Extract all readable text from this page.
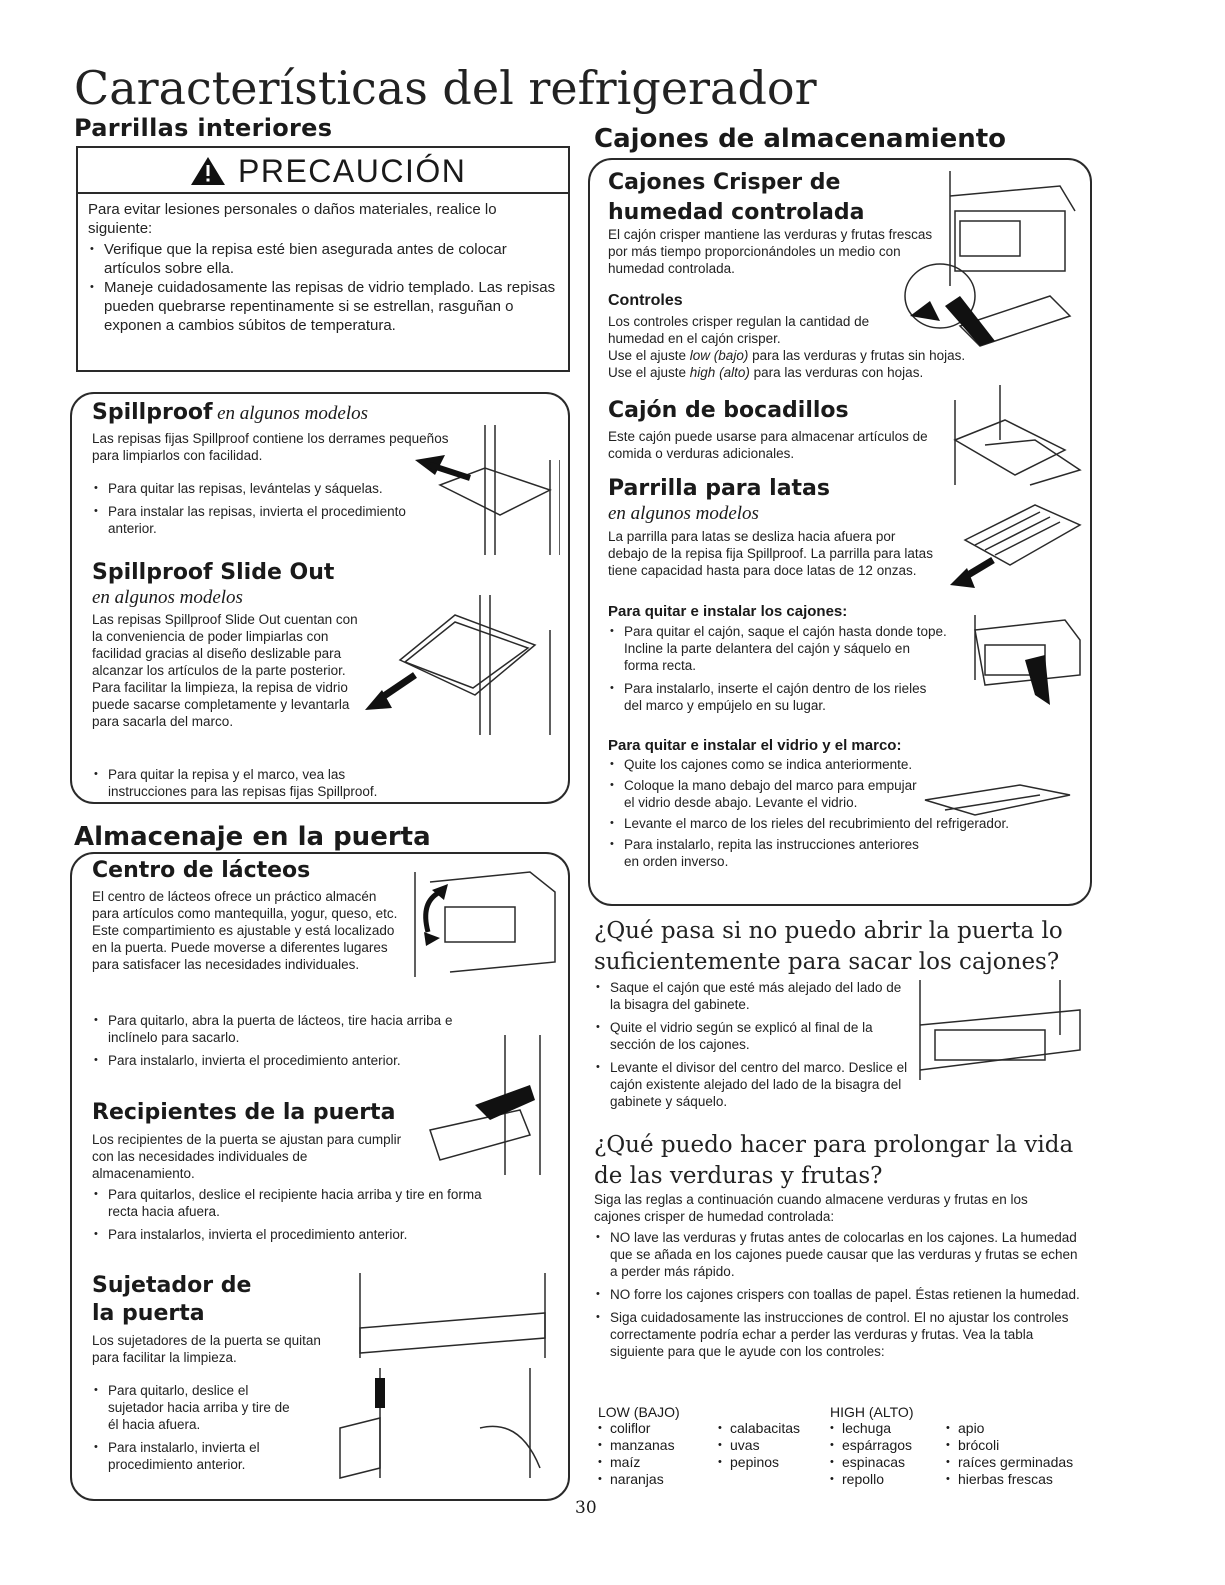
Características del refrigerador
Parrillas interiores
PRECAUCIÓN

Para evitar lesiones personales o daños materiales, realice lo siguiente:

• Verifique que la repisa esté bien asegurada antes de colocar artículos sobre ella.
• Maneje cuidadosamente las repisas de vidrio templado. Las repisas pueden quebrarse repentinamente si se estrellan, rasguñan o exponen a cambios súbitos de temperatura.
Spillproof en algunos modelos
Las repisas fijas Spillproof contiene los derrames pequeños para limpiarlos con facilidad.
• Para quitar las repisas, levántelas y sáquelas.
• Para instalar las repisas, invierta el procedimiento anterior.
Spillproof Slide Out
en algunos modelos
Las repisas Spillproof Slide Out cuentan con la conveniencia de poder limpiarlas con facilidad gracias al diseño deslizable para alcanzar los artículos de la parte posterior. Para facilitar la limpieza, la repisa de vidrio puede sacarse completamente y levantarla para sacarla del marco.
• Para quitar la repisa y el marco, vea las instrucciones para las repisas fijas Spillproof.
Almacenaje en la puerta
Centro de lácteos
El centro de lácteos ofrece un práctico almacén para artículos como mantequilla, yogur, queso, etc. Este compartimiento es ajustable y está localizado en la puerta. Puede moverse a diferentes lugares para satisfacer las necesidades individuales.
• Para quitarlo, abra la puerta de lácteos, tire hacia arriba e inclínelo para sacarlo.
• Para instalarlo, invierta el procedimiento anterior.
Recipientes de la puerta
Los recipientes de la puerta se ajustan para cumplir con las necesidades individuales de almacenamiento.
• Para quitarlos, deslice el recipiente hacia arriba y tire en forma recta hacia afuera.
• Para instalarlos, invierta el procedimiento anterior.
Sujetador de
la puerta
Los sujetadores de la puerta se quitan para facilitar la limpieza.
• Para quitarlo, deslice el sujetador hacia arriba y tire de él hacia afuera.
• Para instalarlo, invierta el procedimiento anterior.
Cajones de almacenamiento
Cajones Crisper de
humedad controlada
El cajón crisper mantiene las verduras y frutas frescas por más tiempo proporcionándoles un medio con humedad controlada.
Controles
Los controles crisper regulan la cantidad de humedad en el cajón crisper.
Use el ajuste low (bajo) para las verduras y frutas sin hojas.
Use el ajuste high (alto) para las verduras con hojas.
Cajón de bocadillos
Este cajón puede usarse para almacenar artículos de comida o verduras adicionales.
Parrilla para latas
en algunos modelos
La parrilla para latas se desliza hacia afuera por debajo de la repisa fija Spillproof. La parrilla para latas tiene capacidad hasta para doce latas de 12 onzas.
Para quitar e instalar los cajones:
• Para quitar el cajón, saque el cajón hasta donde tope. Incline la parte delantera del cajón y sáquelo en forma recta.
• Para instalarlo, inserte el cajón dentro de los rieles del marco y empújelo en su lugar.
Para quitar e instalar el vidrio y el marco:
• Quite los cajones como se indica anteriormente.
• Coloque la mano debajo del marco para empujar el vidrio desde abajo. Levante el vidrio.
• Levante el marco de los rieles del recubrimiento del refrigerador.
• Para instalarlo, repita las instrucciones anteriores en orden inverso.
¿Qué pasa si no puedo abrir la puerta lo suficientemente para sacar los cajones?
• Saque el cajón que esté más alejado del lado de la bisagra del gabinete.
• Quite el vidrio según se explicó al final de la sección de los cajones.
• Levante el divisor del centro del marco. Deslice el cajón existente alejado del lado de la bisagra del gabinete y sáquelo.
¿Qué puedo hacer para prolongar la vida de las verduras y frutas?
Siga las reglas a continuación cuando almacene verduras y frutas en los cajones crisper de humedad controlada:
• NO lave las verduras y frutas antes de colocarlas en los cajones. La humedad que se añada en los cajones puede causar que las verduras y frutas se echen a perder más rápido.
• NO forre los cajones crispers con toallas de papel. Éstas retienen la humedad.
• Siga cuidadosamente las instrucciones de control. El no ajustar los controles correctamente podría echar a perder las verduras y frutas. Vea la tabla siguiente para que le ayude con los controles:
LOW (BAJO)	HIGH (ALTO)
• coliflor
• manzanas
• maíz
• naranjas
• calabacitas
• uvas
• pepinos
• lechuga
• espárragos
• espinacas
• repollo
• apio
• brócoli
• raíces germinadas
• hierbas frescas
30
